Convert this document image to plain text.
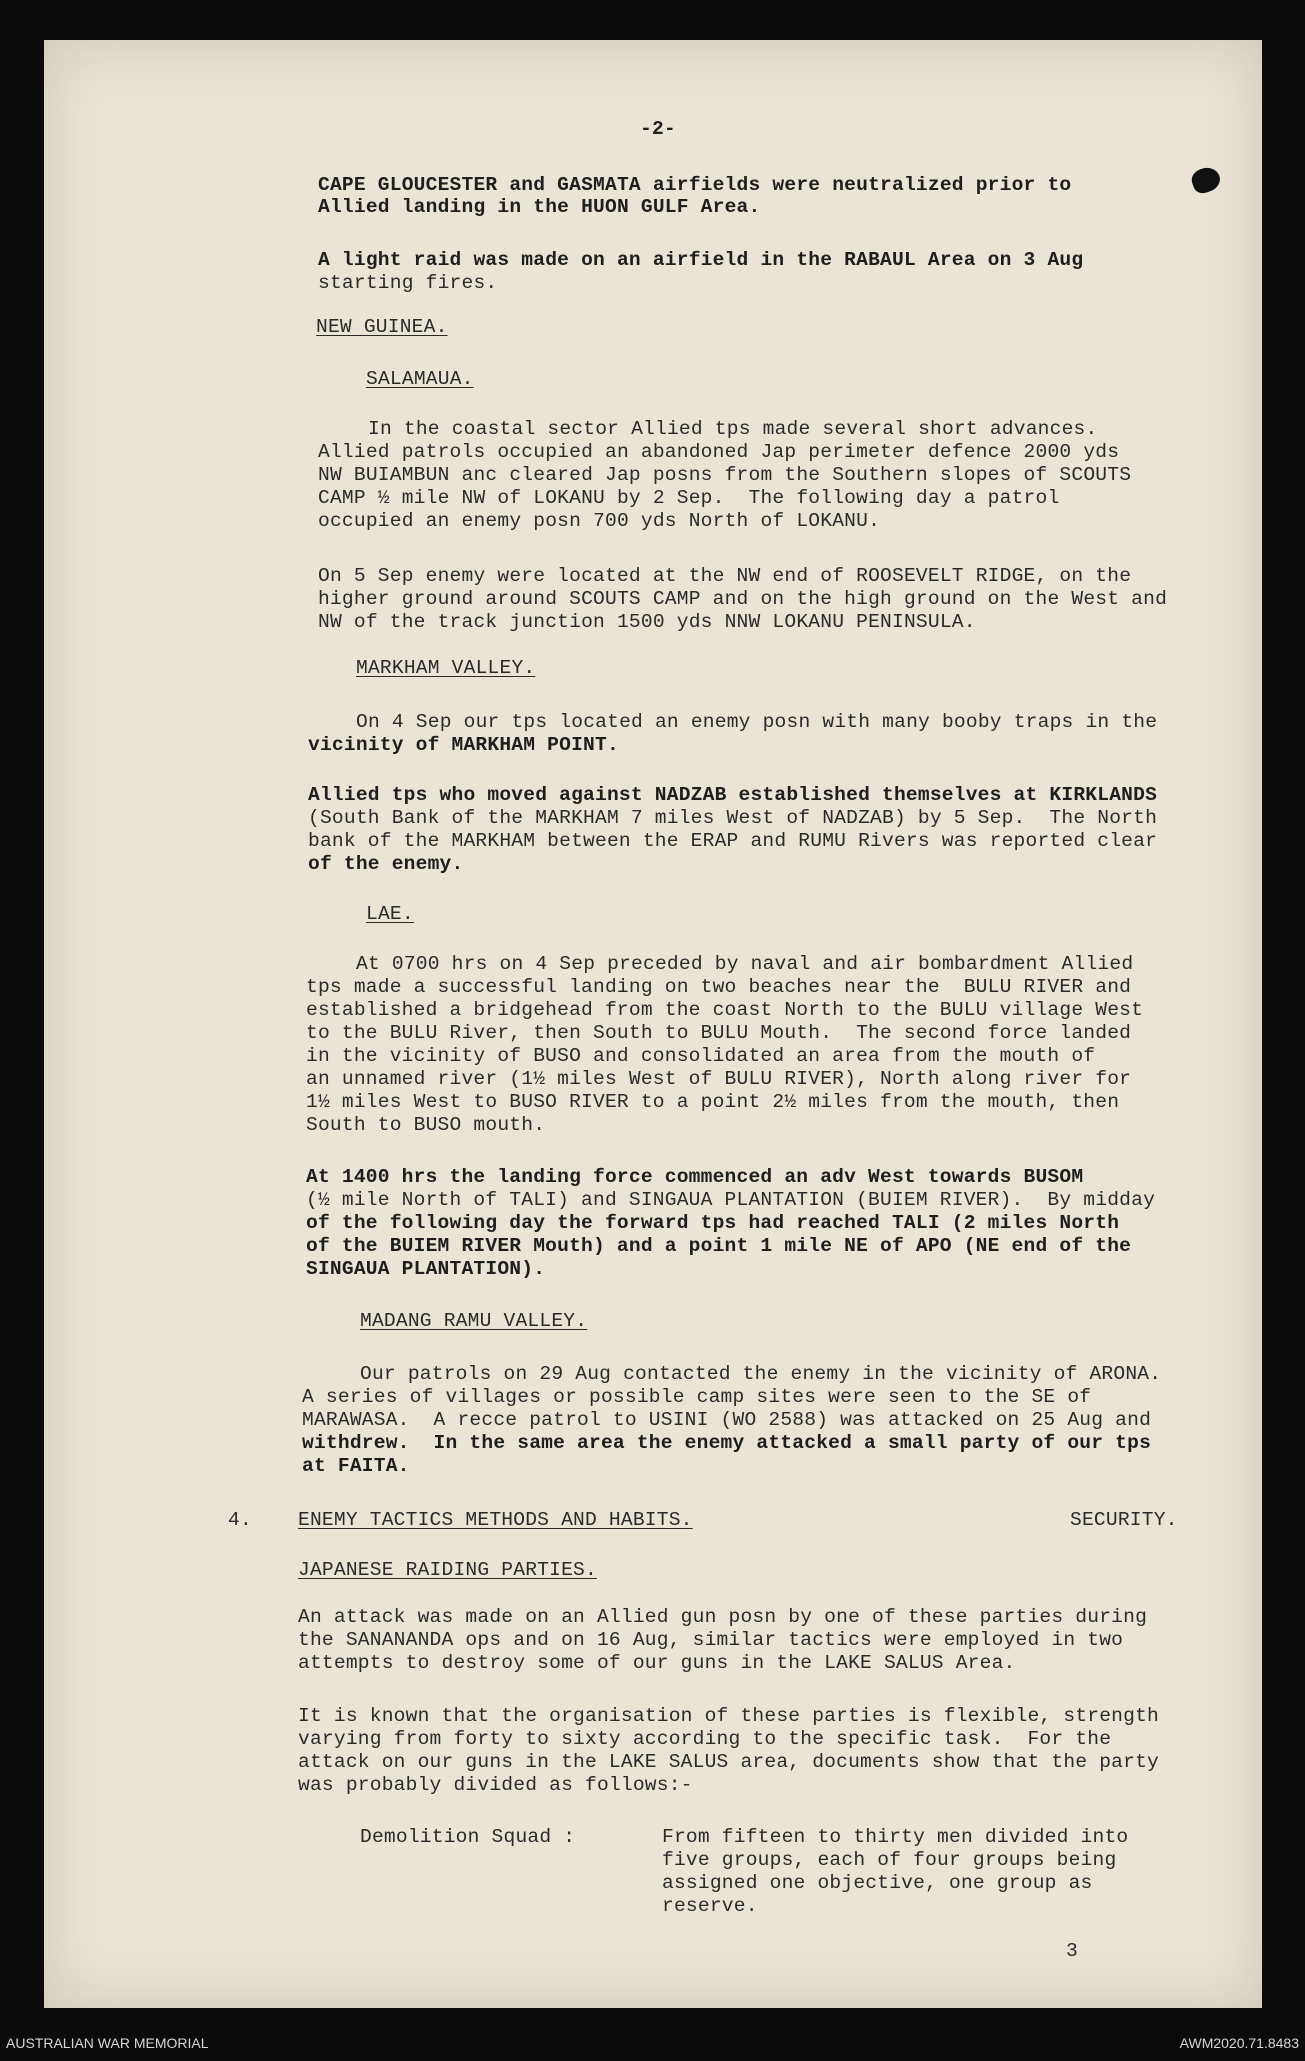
-2-
CAPE GLOUCESTER and GASMATA airfields were neutralized prior to
Allied landing in the HUON GULF Area.
A light raid was made on an airfield in the RABAUL Area on 3 Aug
starting fires.
NEW GUINEA.
SALAMAUA.
In the coastal sector Allied tps made several short advances.
Allied patrols occupied an abandoned Jap perimeter defence 2000 yds
NW BUIAMBUN anc cleared Jap posns from the Southern slopes of SCOUTS
CAMP ½ mile NW of LOKANU by 2 Sep.  The following day a patrol
occupied an enemy posn 700 yds North of LOKANU.
On 5 Sep enemy were located at the NW end of ROOSEVELT RIDGE, on the
higher ground around SCOUTS CAMP and on the high ground on the West and
NW of the track junction 1500 yds NNW LOKANU PENINSULA.
MARKHAM VALLEY.
On 4 Sep our tps located an enemy posn with many booby traps in the
vicinity of MARKHAM POINT.
Allied tps who moved against NADZAB established themselves at KIRKLANDS
(South Bank of the MARKHAM 7 miles West of NADZAB) by 5 Sep.  The North
bank of the MARKHAM between the ERAP and RUMU Rivers was reported clear
of the enemy.
LAE.
At 0700 hrs on 4 Sep preceded by naval and air bombardment Allied
tps made a successful landing on two beaches near the  BULU RIVER and
established a bridgehead from the coast North to the BULU village West
to the BULU River, then South to BULU Mouth.  The second force landed
in the vicinity of BUSO and consolidated an area from the mouth of
an unnamed river (1½ miles West of BULU RIVER), North along river for
1½ miles West to BUSO RIVER to a point 2½ miles from the mouth, then
South to BUSO mouth.
At 1400 hrs the landing force commenced an adv West towards BUSOM
(½ mile North of TALI) and SINGAUA PLANTATION (BUIEM RIVER).  By midday
of the following day the forward tps had reached TALI (2 miles North
of the BUIEM RIVER Mouth) and a point 1 mile NE of APO (NE end of the
SINGAUA PLANTATION).
MADANG RAMU VALLEY.
Our patrols on 29 Aug contacted the enemy in the vicinity of ARONA.
A series of villages or possible camp sites were seen to the SE of
MARAWASA.  A recce patrol to USINI (WO 2588) was attacked on 25 Aug and
withdrew.  In the same area the enemy attacked a small party of our tps
at FAITA.
4. ENEMY TACTICS METHODS AND HABITS.	SECURITY.
JAPANESE RAIDING PARTIES.
An attack was made on an Allied gun posn by one of these parties during
the SANANANDA ops and on 16 Aug, similar tactics were employed in two
attempts to destroy some of our guns in the LAKE SALUS Area.
It is known that the organisation of these parties is flexible, strength
varying from forty to sixty according to the specific task.  For the
attack on our guns in the LAKE SALUS area, documents show that the party
was probably divided as follows:-
Demolition Squad :	From fifteen to thirty men divided into
five groups, each of four groups being
assigned one objective, one group as
reserve.
3
AUSTRALIAN WAR MEMORIAL	AWM2020.71.8483
